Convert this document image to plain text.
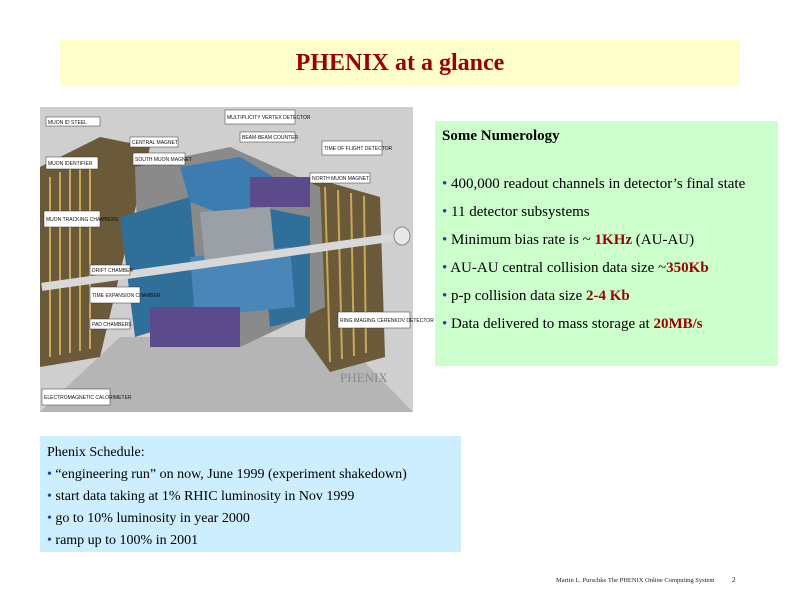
PHENIX at a glance
MUON ID STEEL
MUON IDENTIFIER
MUON TRACKING CHAMBERS
DRIFT CHAMBER
TIME EXPANSION CHAMBER
PAD CHAMBERS
ELECTROMAGNETIC CALORIMETER
CENTRAL MAGNET
SOUTH MUON MAGNET
MULTIPLICITY VERTEX DETECTOR
BEAM-BEAM COUNTER
TIME OF FLIGHT DETECTOR
NORTH MUON MAGNET
RING IMAGING CERENKOV DETECTOR
PHENIX
Some Numerology
• 400,000 readout channels in detector’s final state
• 11 detector subsystems
• Minimum bias rate is ~ 1KHz (AU-AU)
• AU-AU central collision data size ~350Kb
• p-p collision data size 2-4 Kb
• Data delivered to mass storage at 20MB/s
Phenix Schedule:
• “engineering run” on now, June 1999 (experiment shakedown)
• start data taking at 1% RHIC luminosity in Nov 1999
• go to 10% luminosity in year 2000
• ramp up to 100% in 2001
Martin L. Purschke The PHENIX Online Computing System	2
